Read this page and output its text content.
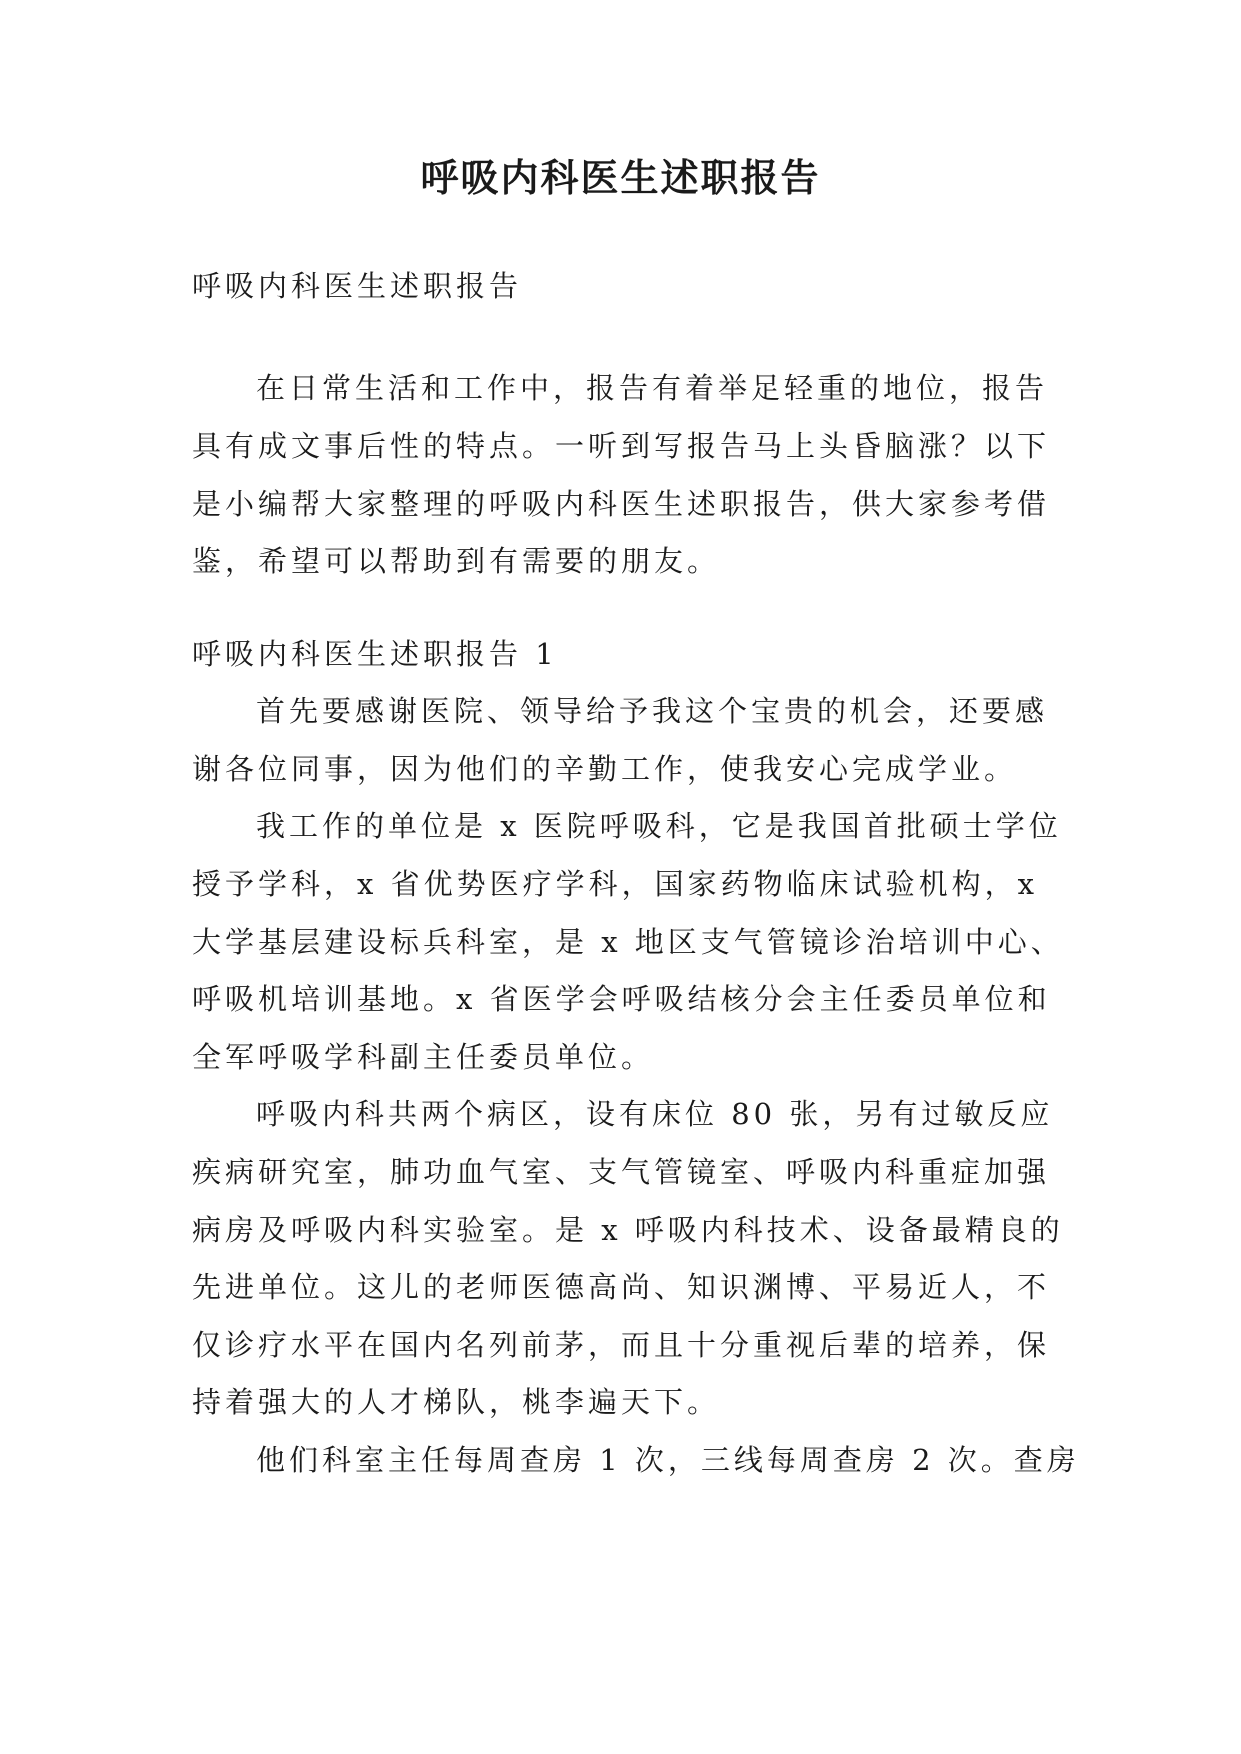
呼吸内科医生述职报告

呼吸内科医生述职报告

在日常生活和工作中，报告有着举足轻重的地位，报告

具有成文事后性的特点。一听到写报告马上头昏脑涨？以下

是小编帮大家整理的呼吸内科医生述职报告，供大家参考借

鉴，希望可以帮助到有需要的朋友。

呼吸内科医生述职报告 1

首先要感谢医院、领导给予我这个宝贵的机会，还要感

谢各位同事，因为他们的辛勤工作，使我安心完成学业。

我工作的单位是 x 医院呼吸科，它是我国首批硕士学位

授予学科，x 省优势医疗学科，国家药物临床试验机构，x

大学基层建设标兵科室，是 x 地区支气管镜诊治培训中心、

呼吸机培训基地。x 省医学会呼吸结核分会主任委员单位和

全军呼吸学科副主任委员单位。

呼吸内科共两个病区，设有床位 80 张，另有过敏反应

疾病研究室，肺功血气室、支气管镜室、呼吸内科重症加强

病房及呼吸内科实验室。是 x 呼吸内科技术、设备最精良的

先进单位。这儿的老师医德高尚、知识渊博、平易近人，不

仅诊疗水平在国内名列前茅，而且十分重视后辈的培养，保

持着强大的人才梯队，桃李遍天下。

他们科室主任每周查房 1 次，三线每周查房 2 次。查房
